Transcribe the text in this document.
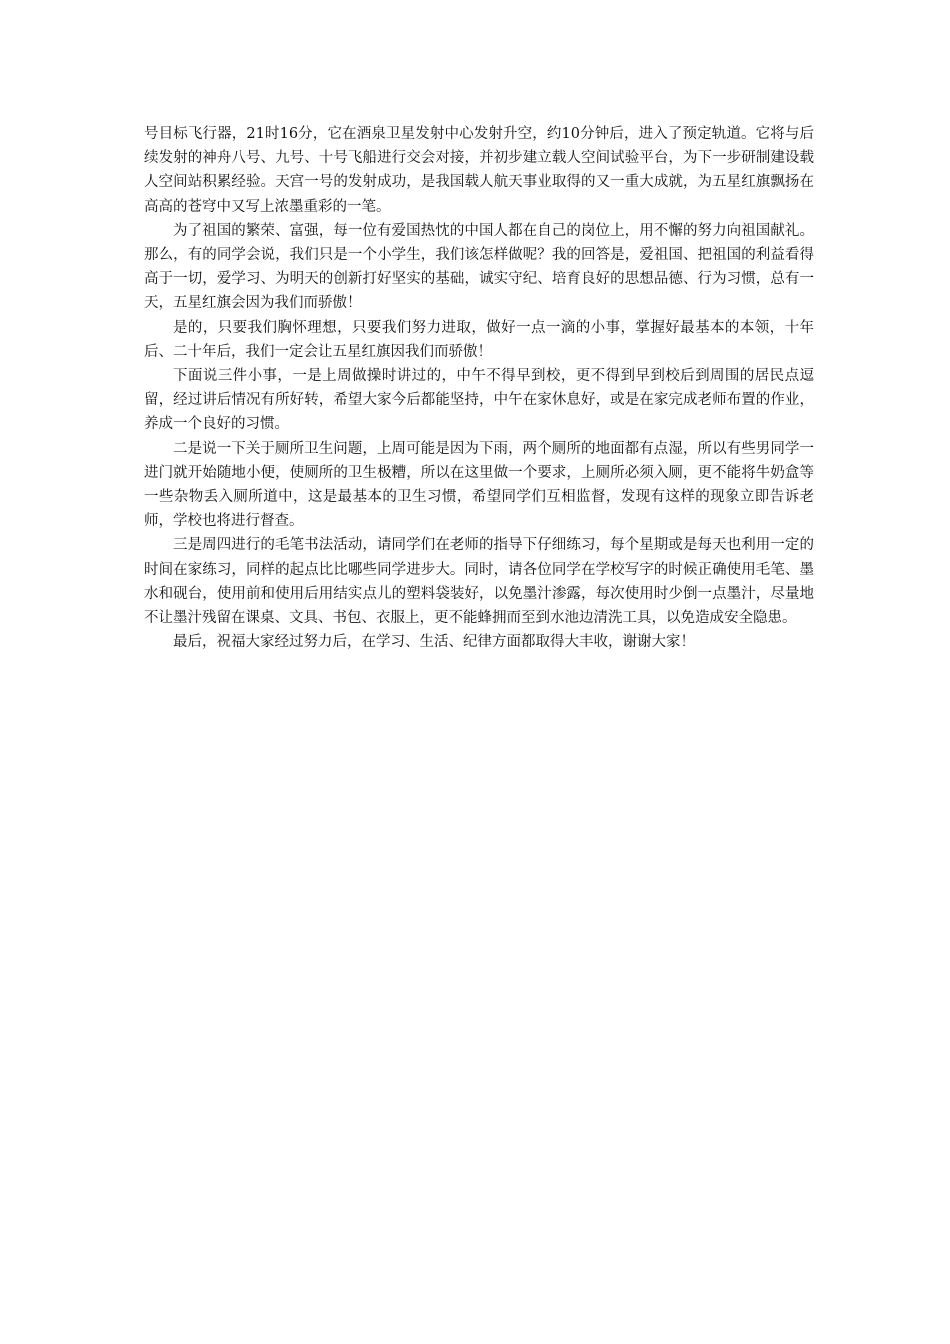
号目标飞行器，21时16分，它在酒泉卫星发射中心发射升空，约10分钟后，进入了预定轨道。它将与后续发射的神舟八号、九号、十号飞船进行交会对接，并初步建立载人空间试验平台，为下一步研制建设载人空间站积累经验。天宫一号的发射成功，是我国载人航天事业取得的又一重大成就，为五星红旗飘扬在高高的苍穹中又写上浓墨重彩的一笔。

为了祖国的繁荣、富强，每一位有爱国热忱的中国人都在自己的岗位上，用不懈的努力向祖国献礼。那么，有的同学会说，我们只是一个小学生，我们该怎样做呢？我的回答是，爱祖国、把祖国的利益看得高于一切，爱学习、为明天的创新打好坚实的基础，诚实守纪、培育良好的思想品德、行为习惯，总有一天，五星红旗会因为我们而骄傲！

是的，只要我们胸怀理想，只要我们努力进取，做好一点一滴的小事，掌握好最基本的本领，十年后、二十年后，我们一定会让五星红旗因我们而骄傲！

下面说三件小事，一是上周做操时讲过的，中午不得早到校，更不得到早到校后到周围的居民点逗留，经过讲后情况有所好转，希望大家今后都能坚持，中午在家休息好，或是在家完成老师布置的作业，养成一个良好的习惯。

二是说一下关于厕所卫生问题，上周可能是因为下雨，两个厕所的地面都有点湿，所以有些男同学一进门就开始随地小便，使厕所的卫生极糟，所以在这里做一个要求，上厕所必须入厕，更不能将牛奶盒等一些杂物丢入厕所道中，这是最基本的卫生习惯，希望同学们互相监督，发现有这样的现象立即告诉老师，学校也将进行督查。

三是周四进行的毛笔书法活动，请同学们在老师的指导下仔细练习，每个星期或是每天也利用一定的时间在家练习，同样的起点比比哪些同学进步大。同时，请各位同学在学校写字的时候正确使用毛笔、墨水和砚台，使用前和使用后用结实点儿的塑料袋装好，以免墨汁渗露，每次使用时少倒一点墨汁，尽量地不让墨汁残留在课桌、文具、书包、衣服上，更不能蜂拥而至到水池边清洗工具，以免造成安全隐患。

最后，祝福大家经过努力后，在学习、生活、纪律方面都取得大丰收，谢谢大家！
